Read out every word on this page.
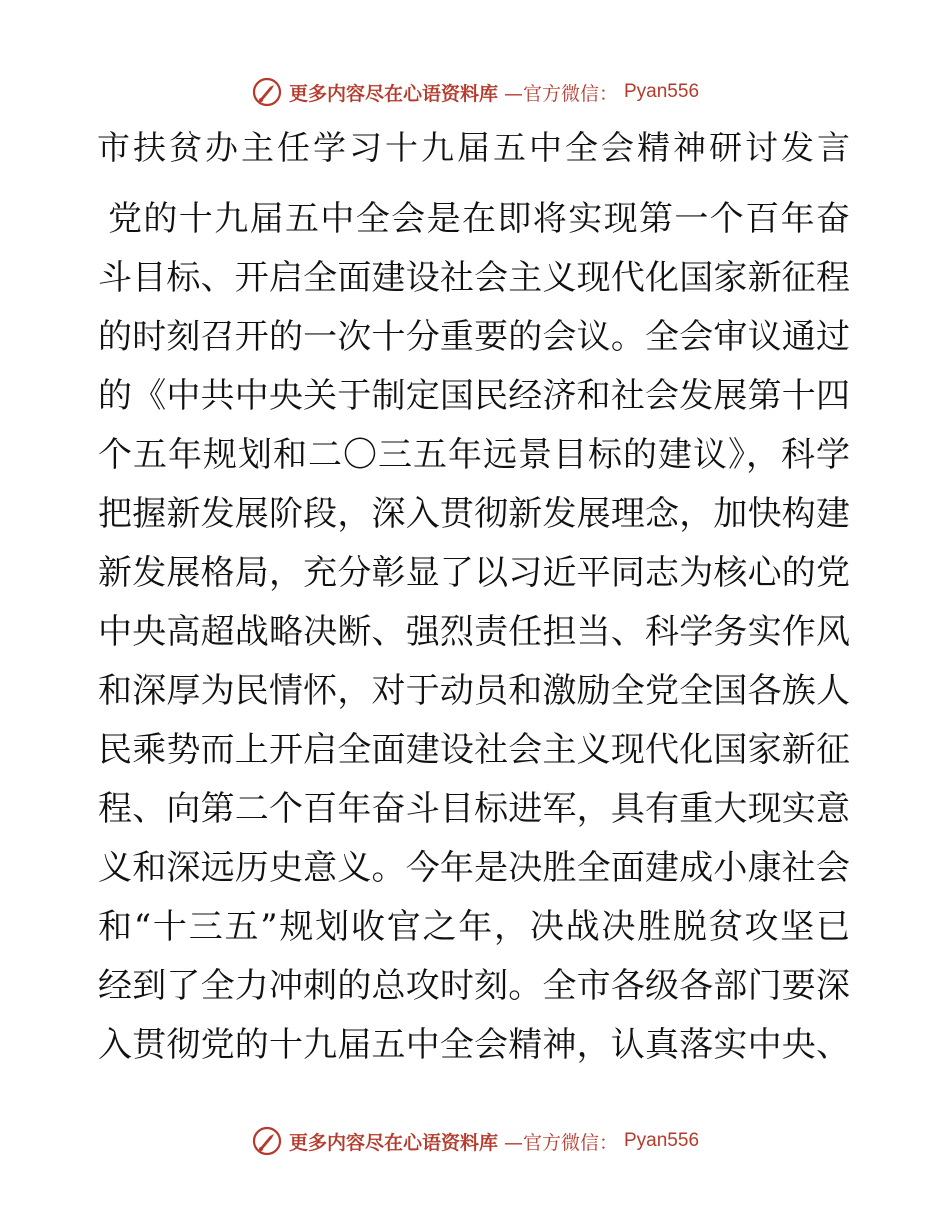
更多内容尽在心语资料库 —官方微信： Pyan556
市扶贫办主任学习十九届五中全会精神研讨发言
党的十九届五中全会是在即将实现第一个百年奋
斗目标、开启全面建设社会主义现代化国家新征程
的时刻召开的一次十分重要的会议。全会审议通过
的《中共中央关于制定国民经济和社会发展第十四
个五年规划和二〇三五年远景目标的建议》，科学
把握新发展阶段，深入贯彻新发展理念，加快构建
新发展格局，充分彰显了以习近平同志为核心的党
中央高超战略决断、强烈责任担当、科学务实作风
和深厚为民情怀，对于动员和激励全党全国各族人
民乘势而上开启全面建设社会主义现代化国家新征
程、向第二个百年奋斗目标进军，具有重大现实意
义和深远历史意义。今年是决胜全面建成小康社会
和“十三五”规划收官之年，决战决胜脱贫攻坚已
经到了全力冲刺的总攻时刻。全市各级各部门要深
入贯彻党的十九届五中全会精神，认真落实中央、
更多内容尽在心语资料库 —官方微信： Pyan556
